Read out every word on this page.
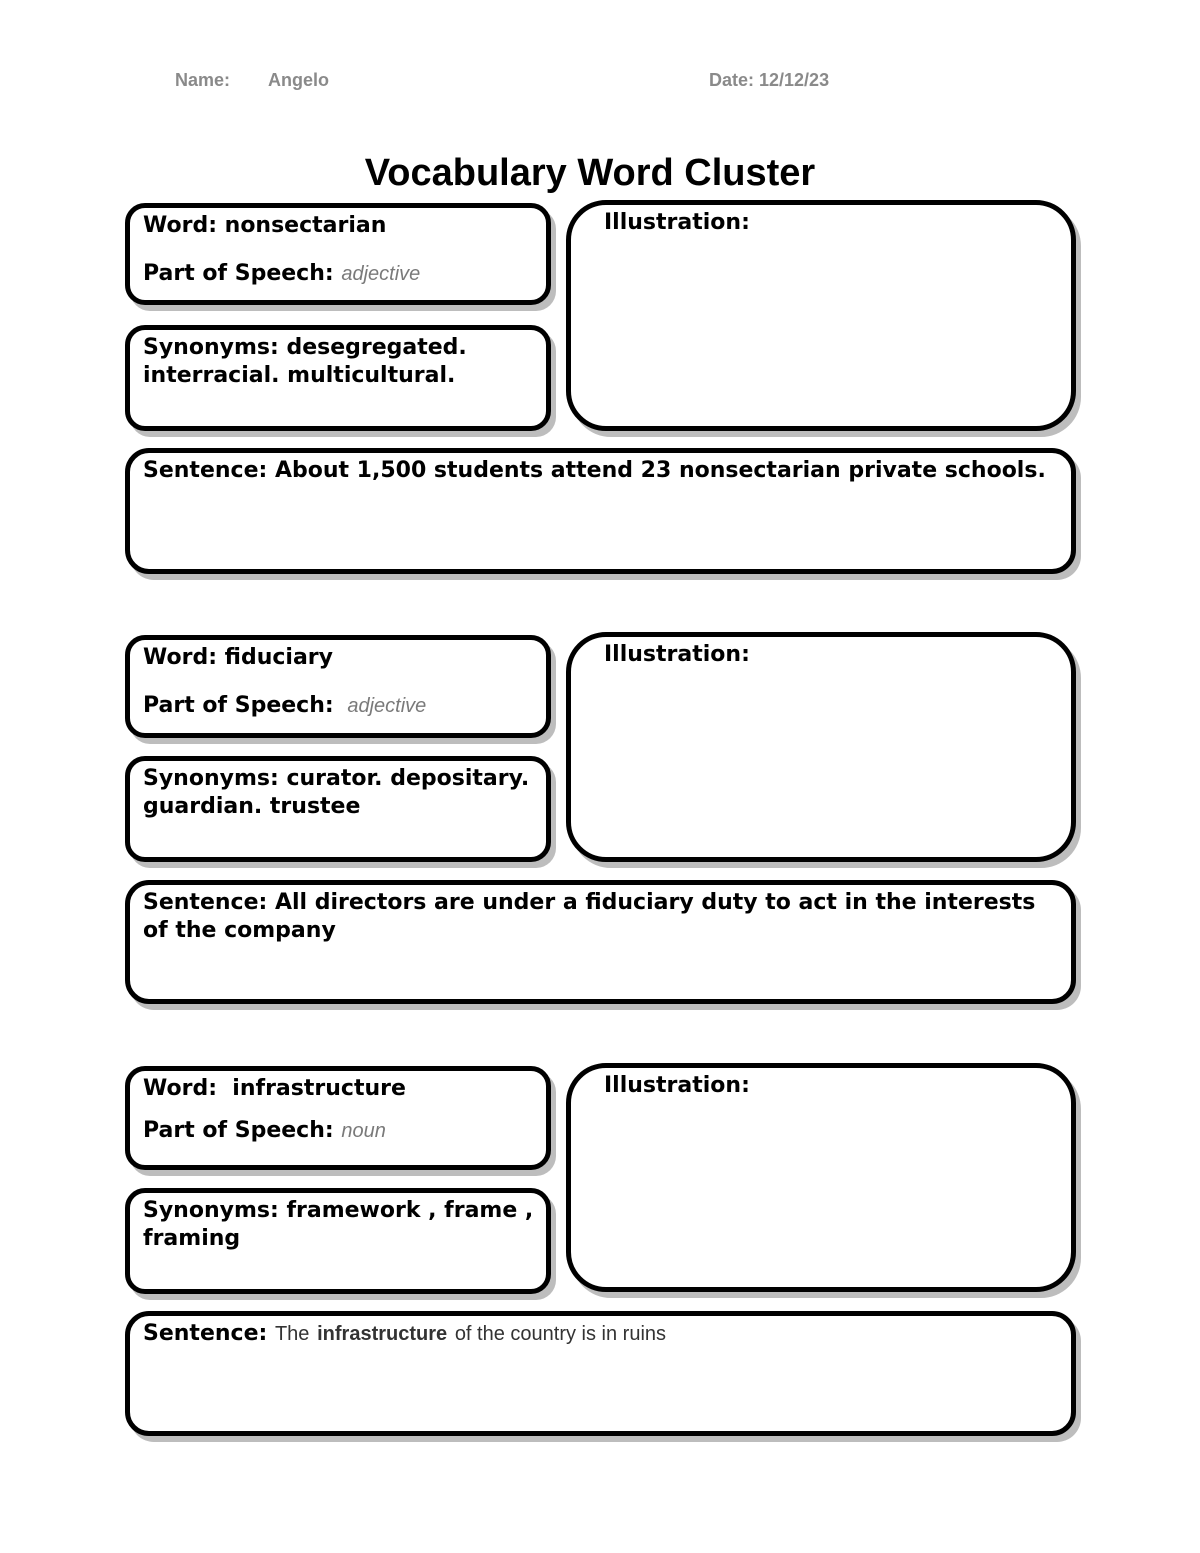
Name: Angelo	Date: 12/12/23
Vocabulary Word Cluster
Word: nonsectarian
Part of Speech: adjective
Synonyms: desegregated. interracial. multicultural.
Illustration:
Sentence: About 1,500 students attend 23 nonsectarian private schools.
Word: fiduciary
Part of Speech: adjective
Synonyms: curator. depositary. guardian. trustee
Illustration:
Sentence: All directors are under a fiduciary duty to act in the interests of the company
Word:  infrastructure
Part of Speech: noun
Synonyms: framework , frame , framing
Illustration:
Sentence: The infrastructure of the country is in ruins
